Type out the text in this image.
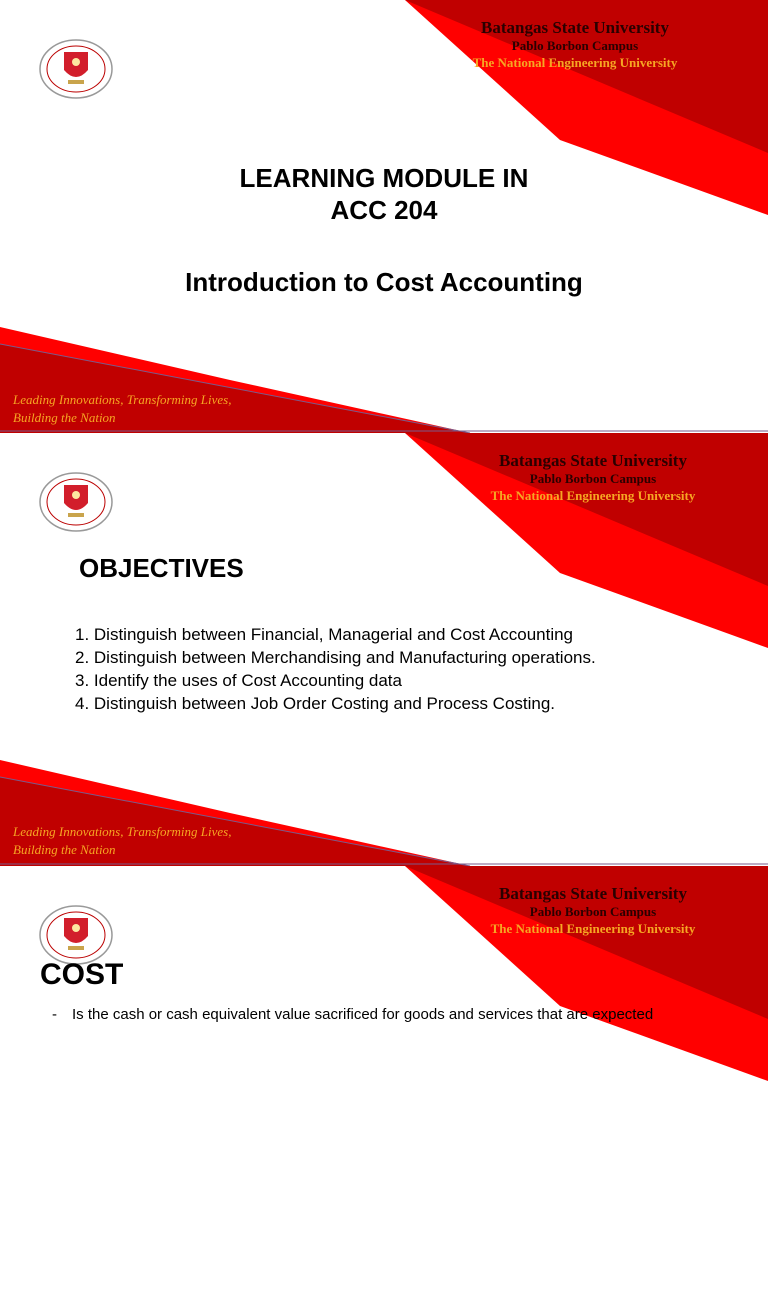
Batangas State University
Pablo Borbon Campus
The National Engineering University
LEARNING MODULE IN
ACC 204
Introduction to Cost Accounting
Leading Innovations, Transforming Lives,
Building the Nation
Batangas State University
Pablo Borbon Campus
The National Engineering University
OBJECTIVES
1. Distinguish between Financial, Managerial and Cost Accounting
2. Distinguish between Merchandising and Manufacturing operations.
3. Identify the uses of Cost Accounting data
4. Distinguish between Job Order Costing and Process Costing.
Leading Innovations, Transforming Lives,
Building the Nation
Batangas State University
Pablo Borbon Campus
The National Engineering University
COST
- Is the cash or cash equivalent value sacrificed for goods and services that are expected
